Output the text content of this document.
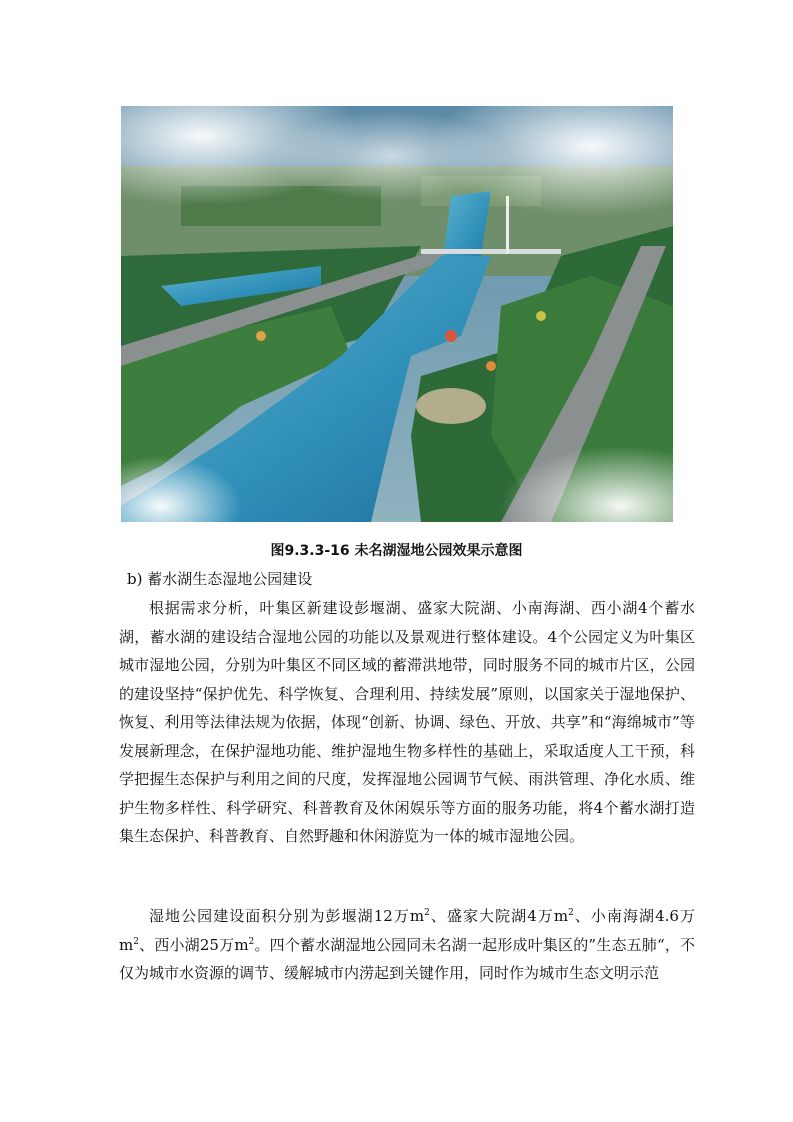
图9.3.3-16 未名湖湿地公园效果示意图
b) 蓄水湖生态湿地公园建设

根据需求分析，叶集区新建设彭堰湖、盛家大院湖、小南海湖、西小湖4个蓄水湖，蓄水湖的建设结合湿地公园的功能以及景观进行整体建设。4个公园定义为叶集区城市湿地公园，分别为叶集区不同区域的蓄滞洪地带，同时服务不同的城市片区，公园的建设坚持“保护优先、科学恢复、合理利用、持续发展”原则，以国家关于湿地保护、恢复、利用等法律法规为依据，体现“创新、协调、绿色、开放、共享”和“海绵城市”等发展新理念，在保护湿地功能、维护湿地生物多样性的基础上，采取适度人工干预，科学把握生态保护与利用之间的尺度，发挥湿地公园调节气候、雨洪管理、净化水质、维护生物多样性、科学研究、科普教育及休闲娱乐等方面的服务功能，将4个蓄水湖打造集生态保护、科普教育、自然野趣和休闲游览为一体的城市湿地公园。

湿地公园建设面积分别为彭堰湖12万$m^2$、盛家大院湖4万$m^2$、小南海湖4.6万$m^2$、西小湖25万$m^2$。四个蓄水湖湿地公园同未名湖一起形成叶集区的”生态五肺“，不仅为城市水资源的调节、缓解城市内涝起到关键作用，同时作为城市生态文明示范
